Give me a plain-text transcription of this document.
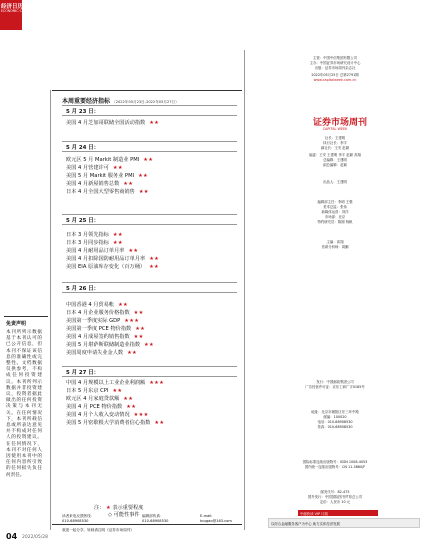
经济日历
ECONOMIC CALENDAR
本周重要经济指标 （2022年05月23日-2022年05月27日）
5 月 23 日：
美国 4 月芝加哥联储全国活动指数 ★★
5 月 24 日：
欧元区 5 月 Markit 制造业 PMI ★★
美国 4 月营建许可 ★★
美国 5 月 Markit 服务业 PMI ★★
美国 4 月新屋销售总数 ★★
日本 4 月全国大型零售商销售 ★★
5 月 25 日：
日本 3 月领先指标 ★★
日本 3 月同步指标 ★★
美国 4 月耐用品订单月率 ★★
美国 4 月扣除国防耐用品订单月率 ★★
美国 EIA 原油库存变化（百万桶） ★★
5 月 26 日：
中国香港 4 月贸易帐 ★★
日本 4 月企业服务价格指数 ★★
美国第一季度实际 GDP ★★★
美国第一季度 PCE 物价指数 ★★
美国 4 月成屋签约销售指数 ★★
美国 5 月堪萨斯联储制造业指数 ★★
美国周度申请失业金人数 ★★
5 月 27 日：
中国 4 月规模以上工业企业利润额 ★★★
日本 5 月东京 CPI ★★
欧元区 4 月家庭贷款额 ★★
美国 4 月 PCE 物价指数 ★★
美国 4 月个人收入变动情况 ★★★
美国 5 月密歇根大学消费者信心指数 ★★
注： ★ 表示重要程度
◇ 可能性事件
免责声明
本刊所列示数据基于本刊认可的已公开信息，但本刊不保证该信息的准确性或完整性。文档数据仅供参考，不构成任何投资建议。本刊所列示数据并非投资建议，投资者据此做出的任何投资决策与本刊无关。在任何情况下，本刊所载信息或所表达意见并不构成对任何人的投资建议。在任何情况下，本刊不对任何人因使用本刊中的任何内容所引致的任何损失负任何责任。
读者来电反馈热线：
010-68908530
编辑部传真：
010-68908530
E-mail:
tougao@163.com
欢迎一起分享，转载请注明《证券市场周刊》
主管：中国中信集团有限公司
主办：中国证券市场研究设计中心
出版：证券市场周刊杂志社
2022年05月25日 总第2791期
www.capitalweek.com.cn
证券市场周刊
CAPITAL WEEK
社长：王建明
执行社长：李宇
副社长：王安 赵颖
编委：王安 王建明 李宇 赵颖 高翔
总编辑：王建明
副总编辑：赵颖
出品人：王建明
编辑部主任：李明 王强
美术总监：张伟
新媒体运营：刘洋
市场部：北京
特约研究员：陈刚 杨帆
主编：高翔
首席分析师：周鹏
发行：中国邮政集团公司
广告经营许可证：京东工商广字0185号
地址：北京市朝阳区东三环中路
邮编：100020
电话：010-68908530
传真：010-68908530
国际标准连续出版物号：ISSN 1008-4053
国内统一连续出版物号：CN 11-3860/F
邮发代号：82-475
国外发行：中国国际图书贸易总公司
定价：人民币 10 元
中邮快读 VIP 订阅
以综合金融服务客户为中心 助力实体经济发展
04 2022/05/28
